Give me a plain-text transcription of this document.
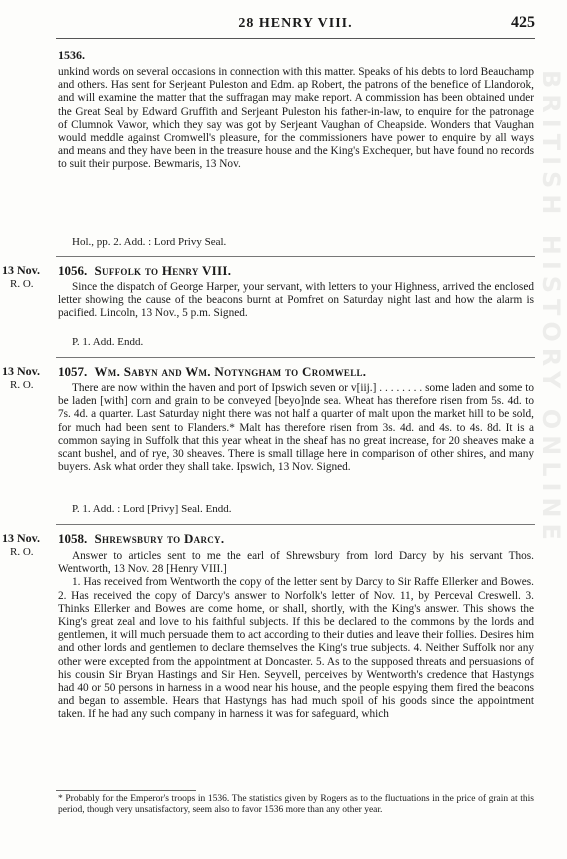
28 HENRY VIII.	425
1536.

unkind words on several occasions in connection with this matter. Speaks of his debts to lord Beauchamp and others. Has sent for Serjeant Puleston and Edm. ap Robert, the patrons of the benefice of Llandorok, and will examine the matter that the suffragan may make report. A commission has been obtained under the Great Seal by Edward Gruffith and Serjeant Puleston his father-in-law, to enquire for the patronage of Clumnok Vawor, which they say was got by Serjeant Vaughan of Cheapside. Wonders that Vaughan would meddle against Cromwell's pleasure, for the commissioners have power to enquire by all ways and means and they have been in the treasure house and the King's Exchequer, but have found no records to suit their purpose. Bewmaris, 13 Nov.

Hol., pp. 2. Add. : Lord Privy Seal.
13 Nov.
R. O.
1056. Suffolk to Henry VIII.

Since the dispatch of George Harper, your servant, with letters to your Highness, arrived the enclosed letter showing the cause of the beacons burnt at Pomfret on Saturday night last and how the alarm is pacified. Lincoln, 13 Nov., 5 p.m. Signed.

P. 1. Add. Endd.
13 Nov.
R. O.
1057. Wm. Sabyn and Wm. Notyngham to Cromwell.

There are now within the haven and port of Ipswich seven or v[iij.] . . . . . . . . some laden and some to be laden [with] corn and grain to be conveyed [beyo]nde sea. Wheat has therefore risen from 5s. 4d. to 7s. 4d. a quarter. Last Saturday night there was not half a quarter of malt upon the market hill to be sold, for much had been sent to Flanders.* Malt has therefore risen from 3s. 4d. and 4s. to 4s. 8d. It is a common saying in Suffolk that this year wheat in the sheaf has no great increase, for 20 sheaves make a scant bushel, and of rye, 30 sheaves. There is small tillage here in comparison of other shires, and many buyers. Ask what order they shall take. Ipswich, 13 Nov. Signed.

P. 1. Add. : Lord [Privy] Seal. Endd.
13 Nov.
R. O.
1058. Shrewsbury to Darcy.

Answer to articles sent to me the earl of Shrewsbury from lord Darcy by his servant Thos. Wentworth, 13 Nov. 28 [Henry VIII.]

1. Has received from Wentworth the copy of the letter sent by Darcy to Sir Raffe Ellerker and Bowes. 2. Has received the copy of Darcy's answer to Norfolk's letter of Nov. 11, by Perceval Creswell. 3. Thinks Ellerker and Bowes are come home, or shall, shortly, with the King's answer. This shows the King's great zeal and love to his faithful subjects. If this be declared to the commons by the lords and gentlemen, it will much persuade them to act according to their duties and leave their follies. Desires him and other lords and gentlemen to declare themselves the King's true subjects. 4. Neither Suffolk nor any other were excepted from the appointment at Doncaster. 5. As to the supposed threats and persuasions of his cousin Sir Bryan Hastings and Sir Hen. Seyvell, perceives by Wentworth's credence that Hastyngs had 40 or 50 persons in harness in a wood near his house, and the people espying them fired the beacons and began to assemble. Hears that Hastyngs has had much spoil of his goods since the appointment taken. If he had any such company in harness it was for safeguard, which

* Probably for the Emperor's troops in 1536. The statistics given by Rogers as to the fluctuations in the price of grain at this period, though very unsatisfactory, seem also to favor 1536 more than any other year.
BRITISH HISTORY ONLINE
